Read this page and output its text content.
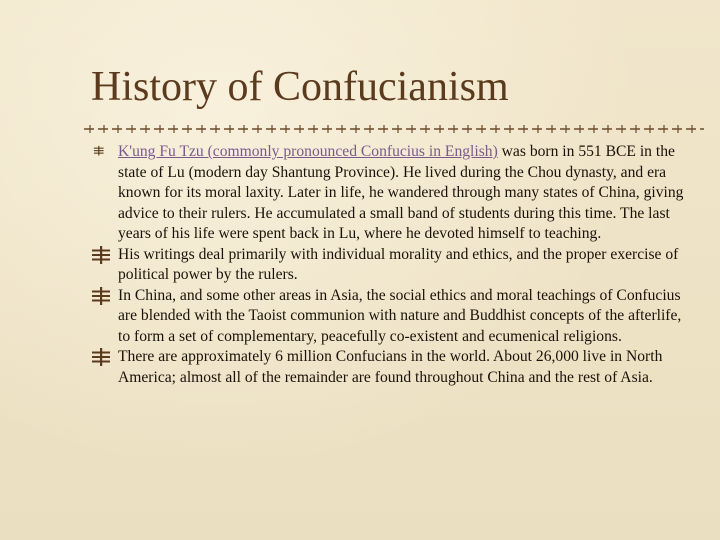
History of Confucianism

K'ung Fu Tzu (commonly pronounced Confucius in English) was born in 551 BCE in the state of Lu (modern day Shantung Province). He lived during the Chou dynasty, and era known for its moral laxity. Later in life, he wandered through many states of China, giving advice to their rulers. He accumulated a small band of students during this time. The last years of his life were spent back in Lu, where he devoted himself to teaching.

His writings deal primarily with individual morality and ethics, and the proper exercise of political power by the rulers.

In China, and some other areas in Asia, the social ethics and moral teachings of Confucius are blended with the Taoist communion with nature and Buddhist concepts of the afterlife, to form a set of complementary, peacefully co-existent and ecumenical religions.

There are approximately 6 million Confucians in the world. About 26,000 live in North America; almost all of the remainder are found throughout China and the rest of Asia.
